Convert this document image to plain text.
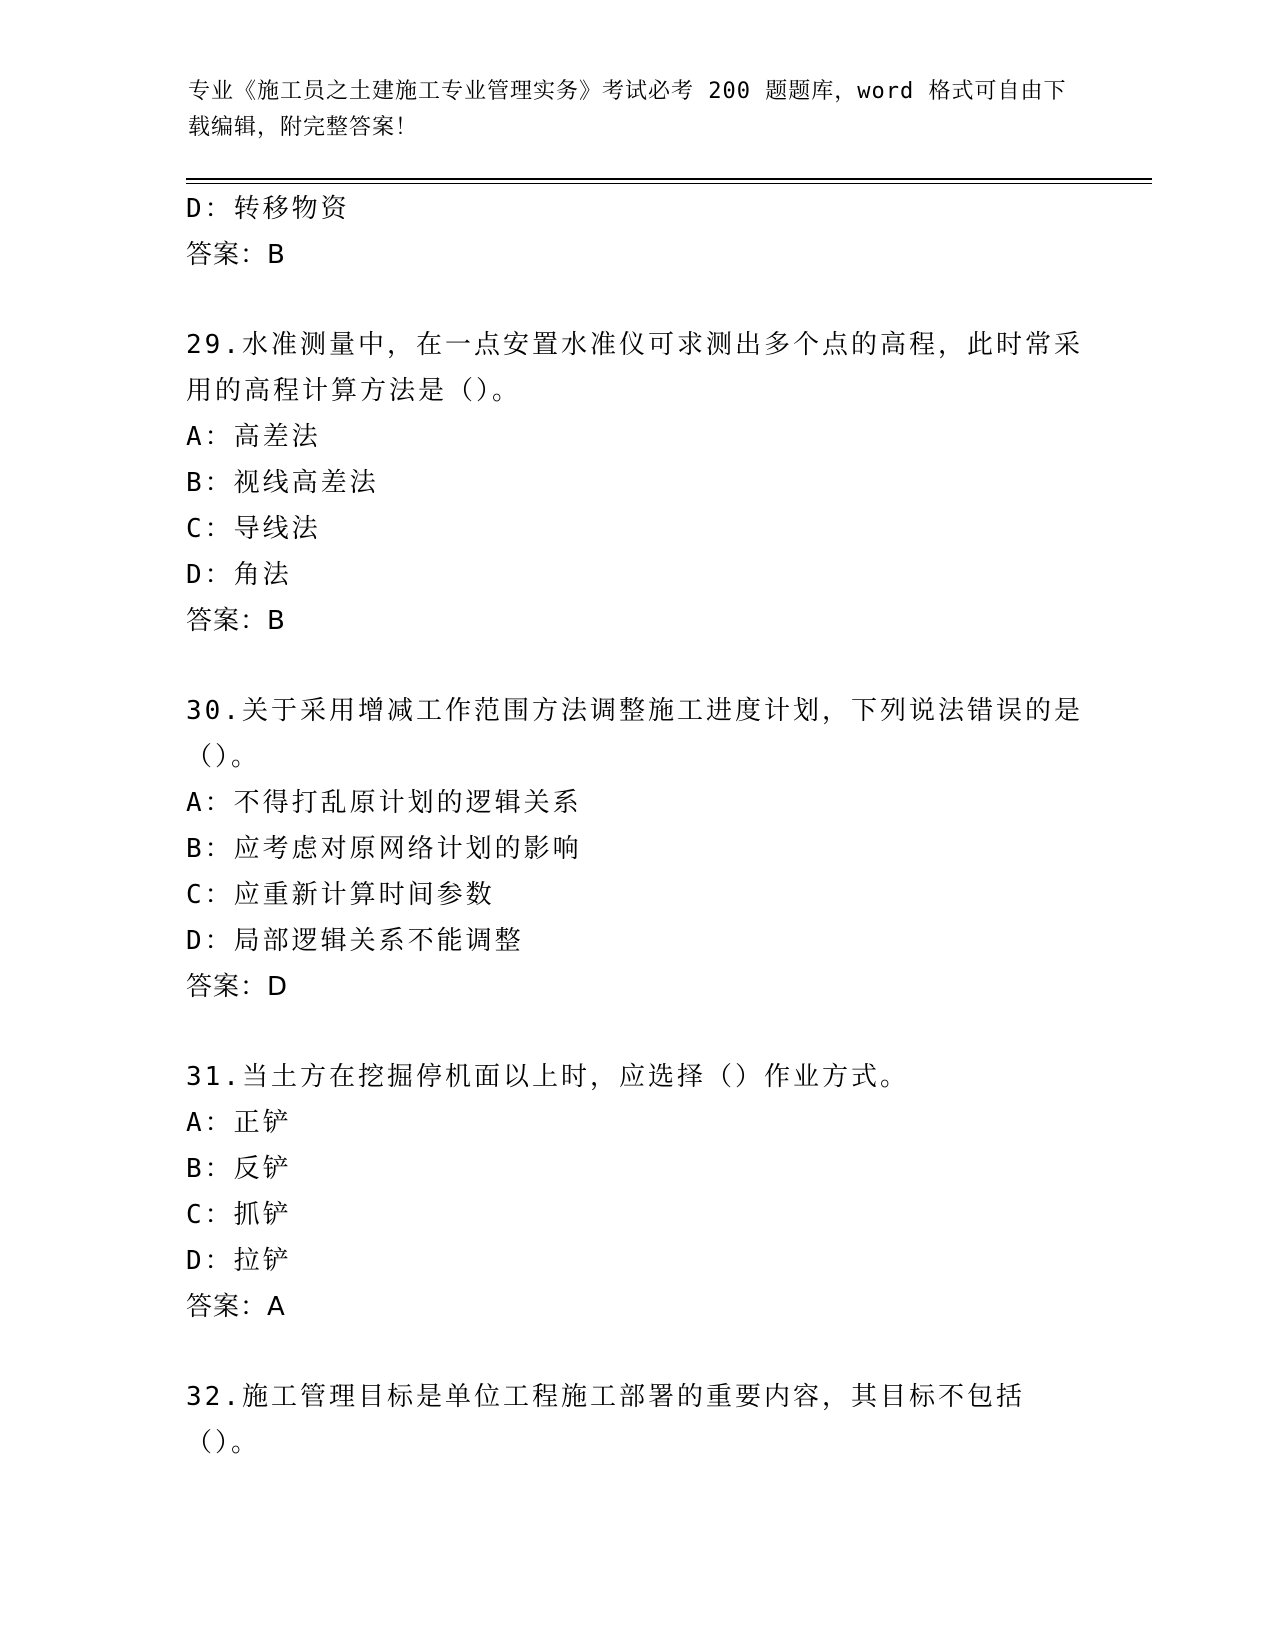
专业《施工员之土建施工专业管理实务》考试必考 200 题题库，word 格式可自由下载编辑，附完整答案！
D：转移物资
答案：B
29.水准测量中，在一点安置水准仪可求测出多个点的高程，此时常采用的高程计算方法是（）。
A：高差法
B：视线高差法
C：导线法
D：角法
答案：B
30.关于采用增减工作范围方法调整施工进度计划，下列说法错误的是（）。
A：不得打乱原计划的逻辑关系
B：应考虑对原网络计划的影响
C：应重新计算时间参数
D：局部逻辑关系不能调整
答案：D
31.当土方在挖掘停机面以上时，应选择（）作业方式。
A：正铲
B：反铲
C：抓铲
D：拉铲
答案：A
32.施工管理目标是单位工程施工部署的重要内容，其目标不包括（）。
